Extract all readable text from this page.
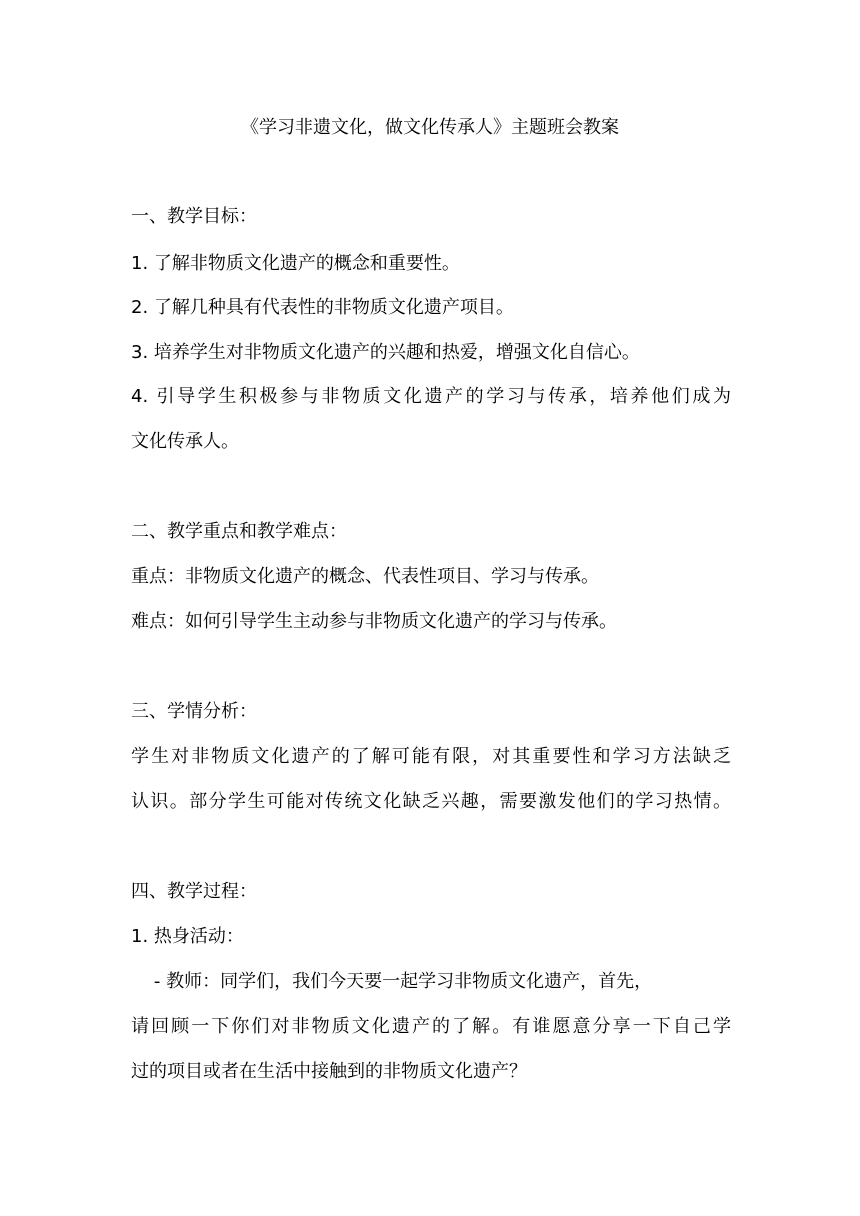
《学习非遗文化，做文化传承人》主题班会教案
一、教学目标：
1. 了解非物质文化遗产的概念和重要性。
2. 了解几种具有代表性的非物质文化遗产项目。
3. 培养学生对非物质文化遗产的兴趣和热爱，增强文化自信心。
4. 引导学生积极参与非物质文化遗产的学习与传承，培养他们成为
文化传承人。
二、教学重点和教学难点：
重点：非物质文化遗产的概念、代表性项目、学习与传承。
难点：如何引导学生主动参与非物质文化遗产的学习与传承。
三、学情分析：
学生对非物质文化遗产的了解可能有限，对其重要性和学习方法缺乏
认识。部分学生可能对传统文化缺乏兴趣，需要激发他们的学习热情。
四、教学过程：
1. 热身活动：
- 教师：同学们，我们今天要一起学习非物质文化遗产，首先，
请回顾一下你们对非物质文化遗产的了解。有谁愿意分享一下自己学
过的项目或者在生活中接触到的非物质文化遗产？
